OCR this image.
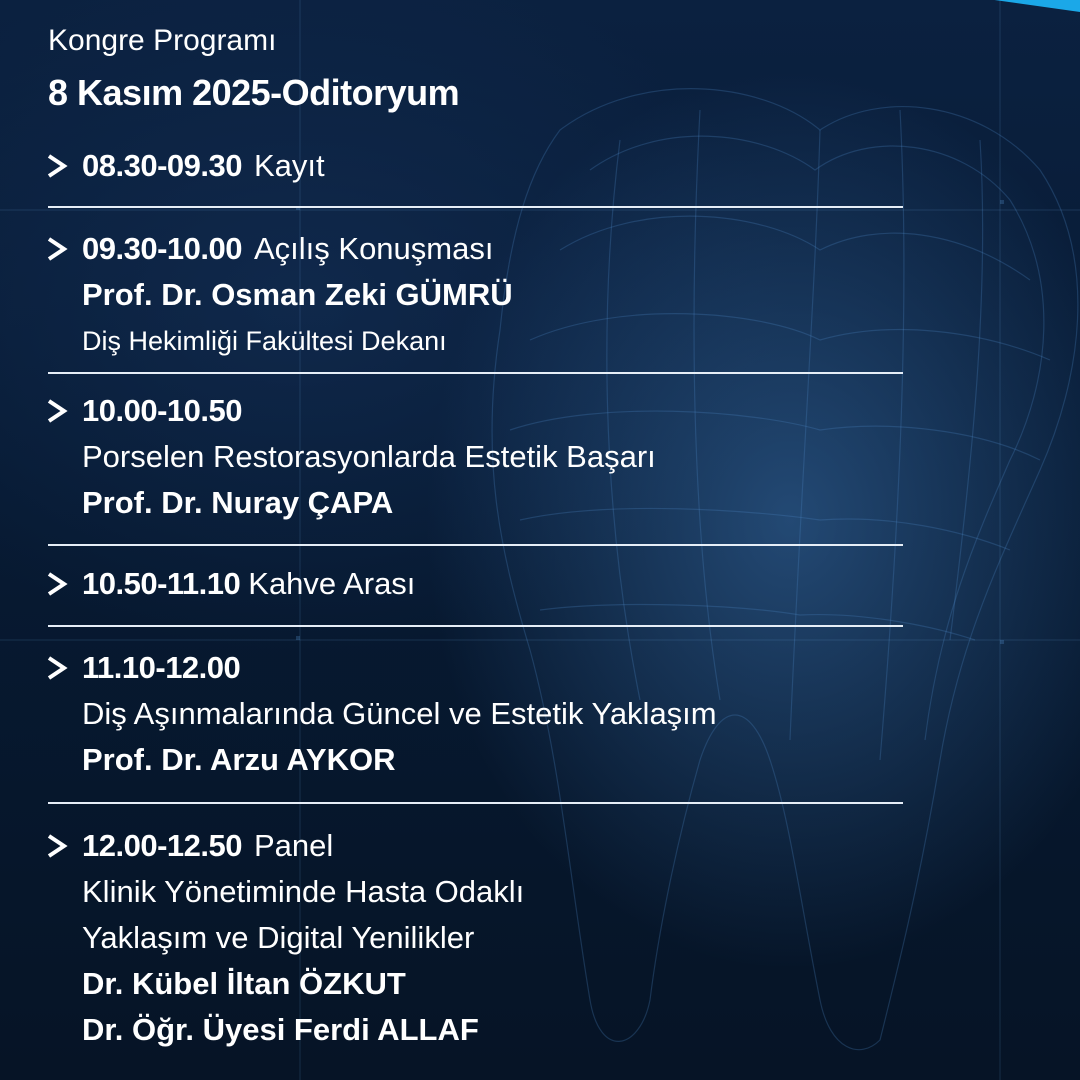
Kongre Programı
8 Kasım 2025-Oditoryum
08.30-09.30 Kayıt
09.30-10.00 Açılış Konuşması
Prof. Dr. Osman Zeki GÜMRÜ
Diş Hekimliği Fakültesi Dekanı
10.00-10.50
Porselen Restorasyonlarda Estetik Başarı
Prof. Dr. Nuray ÇAPA
10.50-11.10 Kahve Arası
11.10-12.00
Diş Aşınmalarında Güncel ve Estetik Yaklaşım
Prof. Dr. Arzu AYKOR
12.00-12.50 Panel
Klinik Yönetiminde Hasta Odaklı
Yaklaşım ve Digital Yenilikler
Dr. Kübel İltan ÖZKUT
Dr. Öğr. Üyesi Ferdi ALLAF
